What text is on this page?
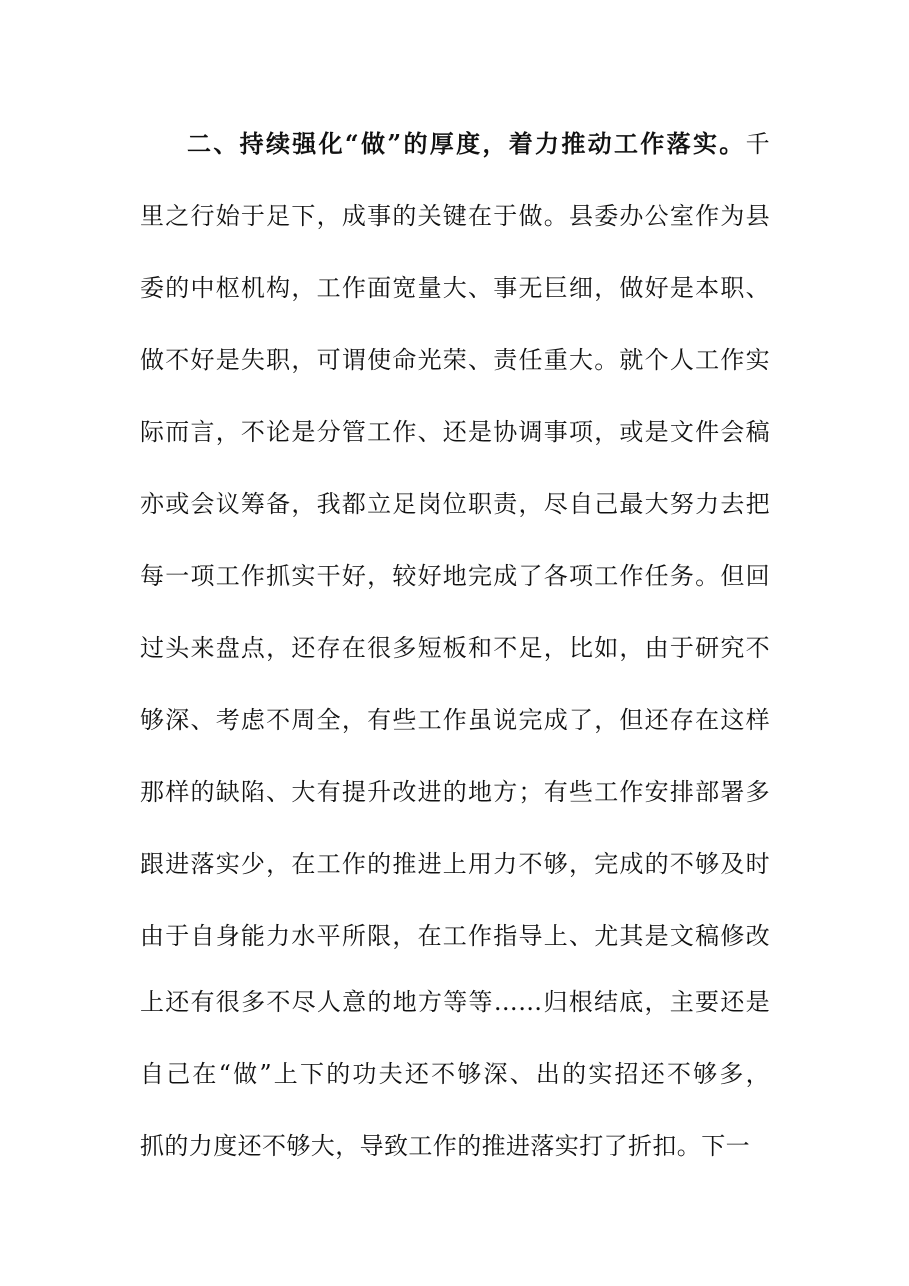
二、持续强化“做”的厚度，着力推动工作落实。千
里之行始于足下，成事的关键在于做。县委办公室作为县
委的中枢机构，工作面宽量大、事无巨细，做好是本职、
做不好是失职，可谓使命光荣、责任重大。就个人工作实
际而言，不论是分管工作、还是协调事项，或是文件会稿
亦或会议筹备，我都立足岗位职责，尽自己最大努力去把
每一项工作抓实干好，较好地完成了各项工作任务。但回
过头来盘点，还存在很多短板和不足，比如，由于研究不
够深、考虑不周全，有些工作虽说完成了，但还存在这样
那样的缺陷、大有提升改进的地方；有些工作安排部署多
跟进落实少，在工作的推进上用力不够，完成的不够及时
由于自身能力水平所限，在工作指导上、尤其是文稿修改
上还有很多不尽人意的地方等等……归根结底，主要还是
自己在“做”上下的功夫还不够深、出的实招还不够多，
抓的力度还不够大，导致工作的推进落实打了折扣。下一
